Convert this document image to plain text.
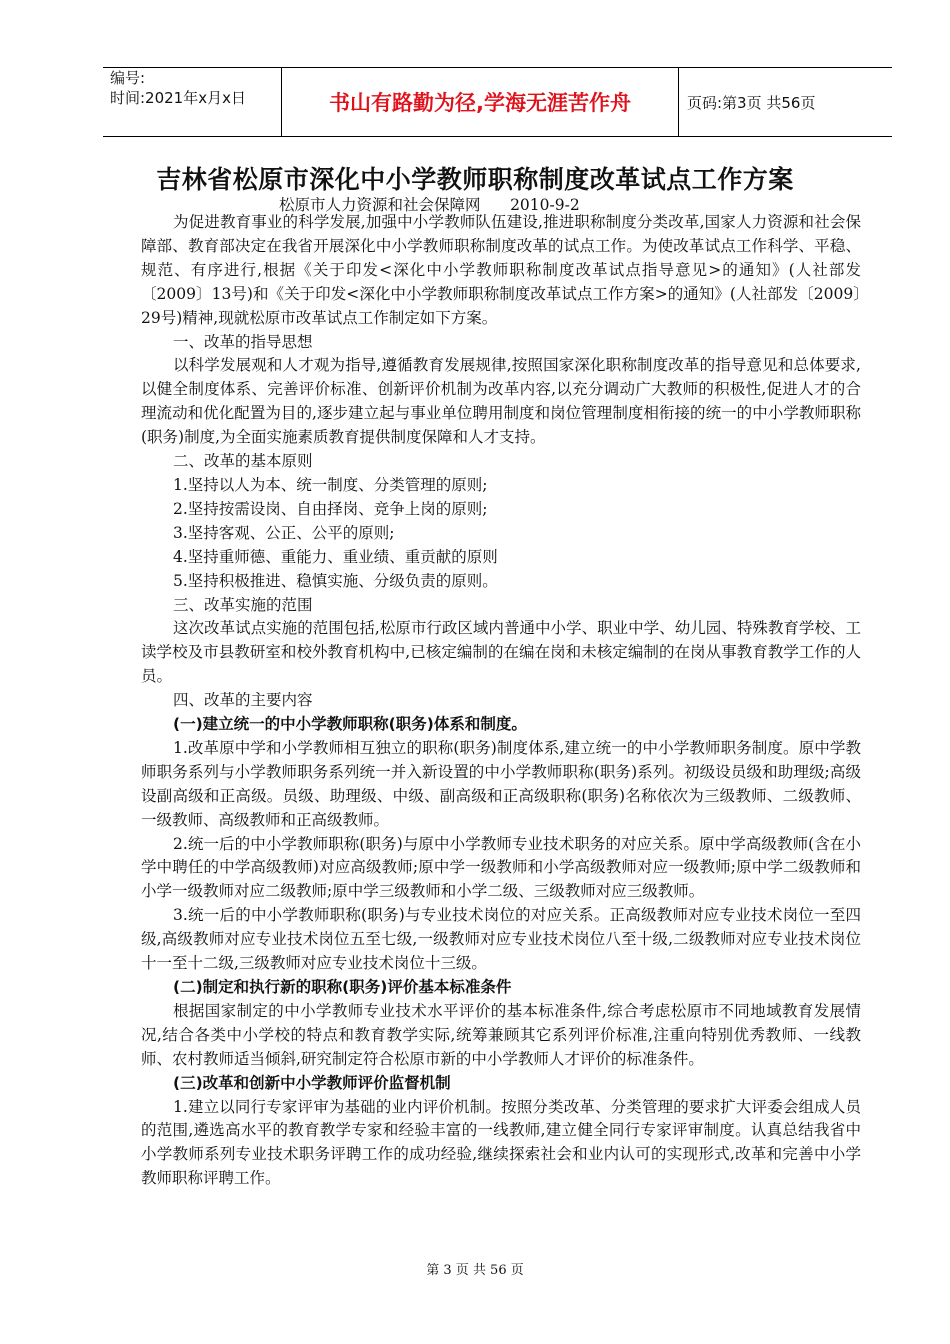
编号:
时间:2021年x月x日	书山有路勤为径,学海无涯苦作舟	页码:第3页 共56页
吉林省松原市深化中小学教师职称制度改革试点工作方案
松原市人力资源和社会保障网      2010-9-2

为促进教育事业的科学发展,加强中小学教师队伍建设,推进职称制度分类改革,国家人力资源和社会保障部、教育部决定在我省开展深化中小学教师职称制度改革的试点工作。为使改革试点工作科学、平稳、规范、有序进行,根据《关于印发<深化中小学教师职称制度改革试点指导意见>的通知》(人社部发〔2009〕13号)和《关于印发<深化中小学教师职称制度改革试点工作方案>的通知》(人社部发〔2009〕29号)精神,现就松原市改革试点工作制定如下方案。

一、改革的指导思想

以科学发展观和人才观为指导,遵循教育发展规律,按照国家深化职称制度改革的指导意见和总体要求,以健全制度体系、完善评价标准、创新评价机制为改革内容,以充分调动广大教师的积极性,促进人才的合理流动和优化配置为目的,逐步建立起与事业单位聘用制度和岗位管理制度相衔接的统一的中小学教师职称(职务)制度,为全面实施素质教育提供制度保障和人才支持。

二、改革的基本原则

1.坚持以人为本、统一制度、分类管理的原则;

2.坚持按需设岗、自由择岗、竞争上岗的原则;

3.坚持客观、公正、公平的原则;

4.坚持重师德、重能力、重业绩、重贡献的原则

5.坚持积极推进、稳慎实施、分级负责的原则。

三、改革实施的范围

这次改革试点实施的范围包括,松原市行政区域内普通中小学、职业中学、幼儿园、特殊教育学校、工读学校及市县教研室和校外教育机构中,已核定编制的在编在岗和未核定编制的在岗从事教育教学工作的人员。

四、改革的主要内容

(一)建立统一的中小学教师职称(职务)体系和制度。

1.改革原中学和小学教师相互独立的职称(职务)制度体系,建立统一的中小学教师职务制度。原中学教师职务系列与小学教师职务系列统一并入新设置的中小学教师职称(职务)系列。初级设员级和助理级;高级设副高级和正高级。员级、助理级、中级、副高级和正高级职称(职务)名称依次为三级教师、二级教师、一级教师、高级教师和正高级教师。

2.统一后的中小学教师职称(职务)与原中小学教师专业技术职务的对应关系。原中学高级教师(含在小学中聘任的中学高级教师)对应高级教师;原中学一级教师和小学高级教师对应一级教师;原中学二级教师和小学一级教师对应二级教师;原中学三级教师和小学二级、三级教师对应三级教师。

3.统一后的中小学教师职称(职务)与专业技术岗位的对应关系。正高级教师对应专业技术岗位一至四级,高级教师对应专业技术岗位五至七级,一级教师对应专业技术岗位八至十级,二级教师对应专业技术岗位十一至十二级,三级教师对应专业技术岗位十三级。

(二)制定和执行新的职称(职务)评价基本标准条件

根据国家制定的中小学教师专业技术水平评价的基本标准条件,综合考虑松原市不同地域教育发展情况,结合各类中小学校的特点和教育教学实际,统筹兼顾其它系列评价标准,注重向特别优秀教师、一线教师、农村教师适当倾斜,研究制定符合松原市新的中小学教师人才评价的标准条件。

(三)改革和创新中小学教师评价监督机制

1.建立以同行专家评审为基础的业内评价机制。按照分类改革、分类管理的要求扩大评委会组成人员的范围,遴选高水平的教育教学专家和经验丰富的一线教师,建立健全同行专家评审制度。认真总结我省中小学教师系列专业技术职务评聘工作的成功经验,继续探索社会和业内认可的实现形式,改革和完善中小学教师职称评聘工作。

第 3 页 共 56 页
